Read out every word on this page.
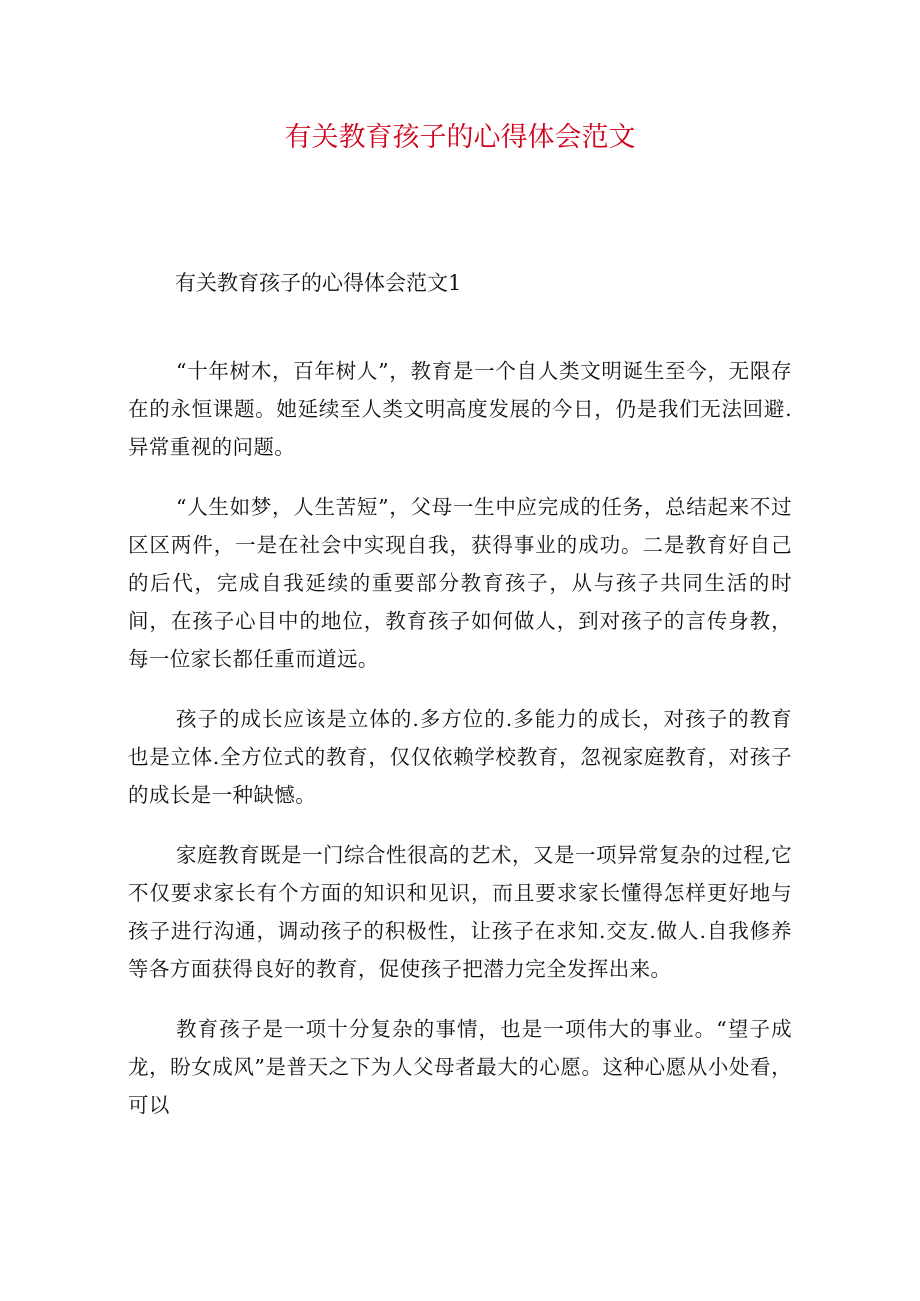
有关教育孩子的心得体会范文
有关教育孩子的心得体会范文1

“十年树木，百年树人”，教育是一个自人类文明诞生至今，无限存在的永恒课题。她延续至人类文明高度发展的今日，仍是我们无法回避.异常重视的问题。

“人生如梦，人生苦短”，父母一生中应完成的任务，总结起来不过区区两件，一是在社会中实现自我，获得事业的成功。二是教育好自己的后代，完成自我延续的重要部分教育孩子，从与孩子共同生活的时间，在孩子心目中的地位，教育孩子如何做人，到对孩子的言传身教，每一位家长都任重而道远。

孩子的成长应该是立体的.多方位的.多能力的成长，对孩子的教育也是立体.全方位式的教育，仅仅依赖学校教育，忽视家庭教育，对孩子的成长是一种缺憾。

家庭教育既是一门综合性很高的艺术，又是一项异常复杂的过程,它不仅要求家长有个方面的知识和见识，而且要求家长懂得怎样更好地与孩子进行沟通，调动孩子的积极性，让孩子在求知.交友.做人.自我修养等各方面获得良好的教育，促使孩子把潜力完全发挥出来。

教育孩子是一项十分复杂的事情，也是一项伟大的事业。“望子成龙，盼女成风”是普天之下为人父母者最大的心愿。这种心愿从小处看，可以
